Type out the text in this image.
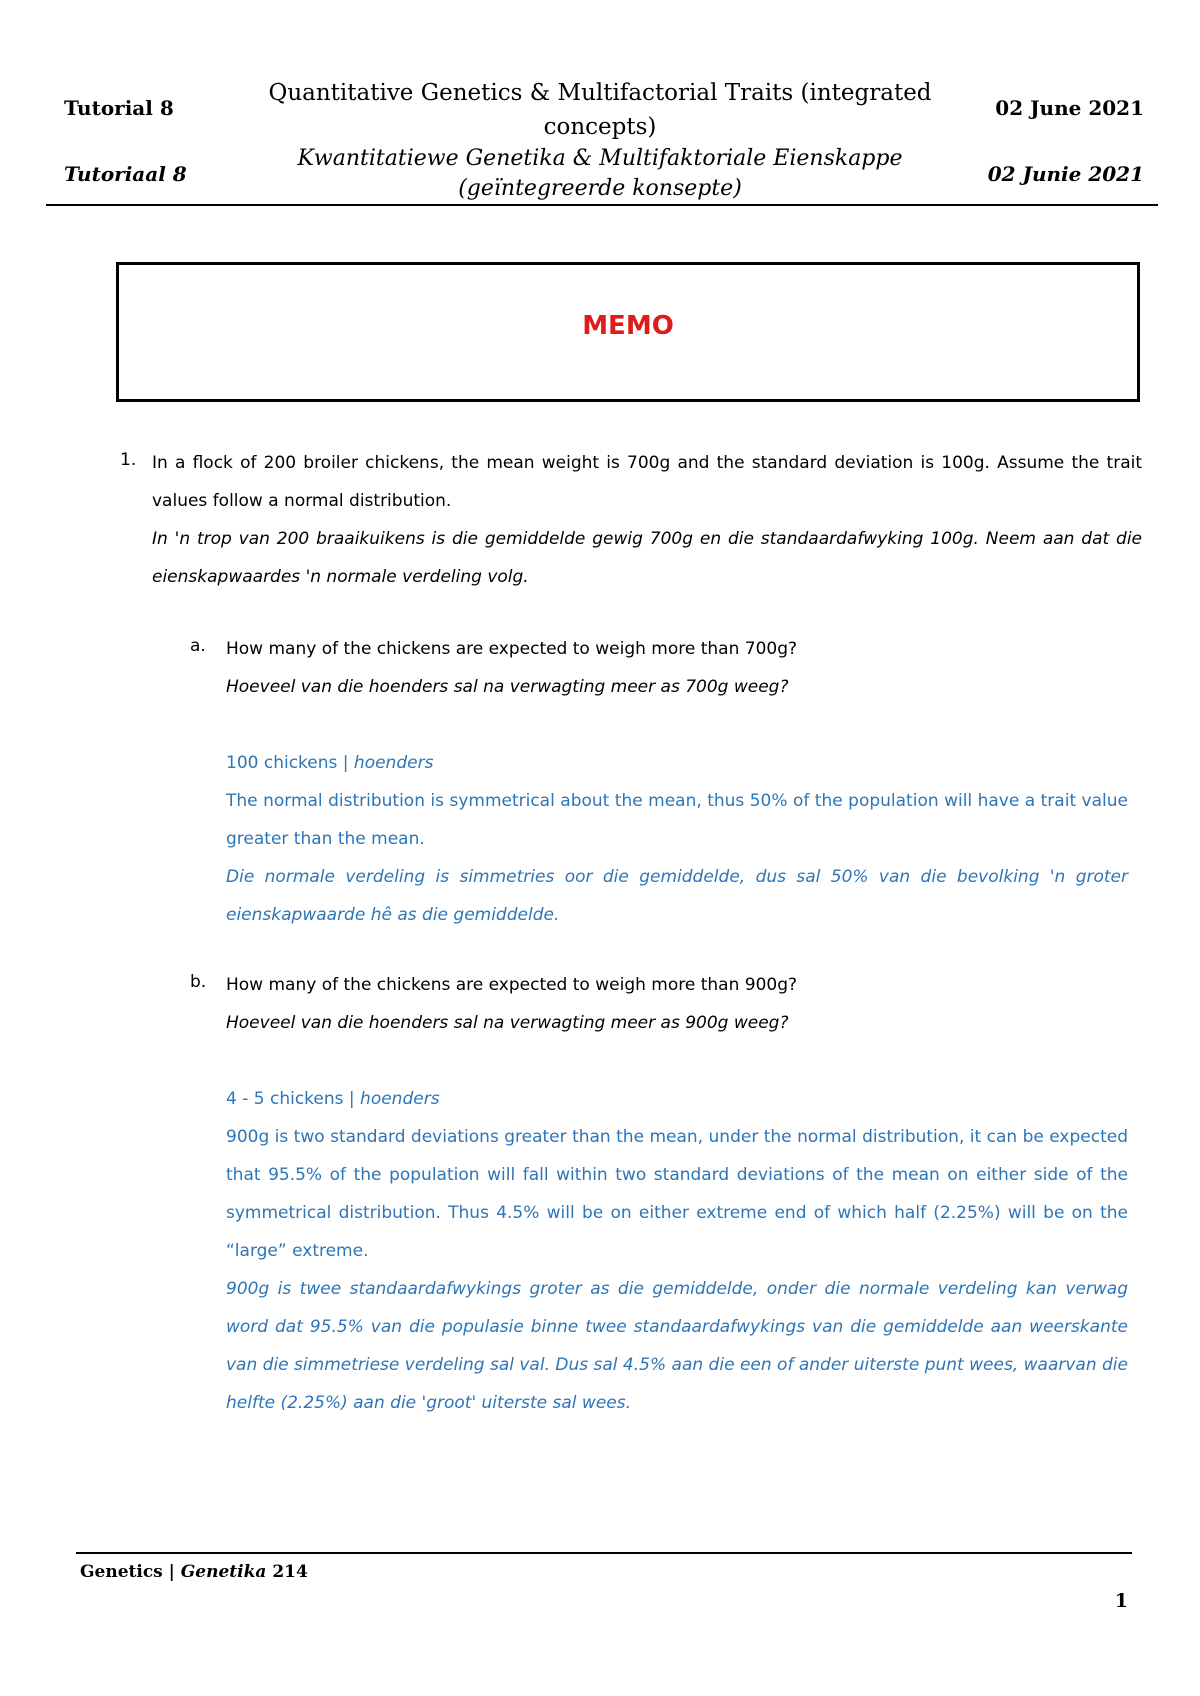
Tutorial 8
Tutoriaal 8
Quantitative Genetics & Multifactorial Traits (integrated concepts)
Kwantitatiewe Genetika & Multifaktoriale Eienskappe (geïntegreerde konsepte)
02 June 2021
02 Junie 2021
MEMO
1. In a flock of 200 broiler chickens, the mean weight is 700g and the standard deviation is 100g. Assume the trait values follow a normal distribution.
In 'n trop van 200 braaikuikens is die gemiddelde gewig 700g en die standaardafwyking 100g. Neem aan dat die eienskapwaardes 'n normale verdeling volg.
a. How many of the chickens are expected to weigh more than 700g?
Hoeveel van die hoenders sal na verwagting meer as 700g weeg?
100 chickens | hoenders
The normal distribution is symmetrical about the mean, thus 50% of the population will have a trait value greater than the mean.
Die normale verdeling is simmetries oor die gemiddelde, dus sal 50% van die bevolking 'n groter eienskapwaarde hê as die gemiddelde.
b. How many of the chickens are expected to weigh more than 900g?
Hoeveel van die hoenders sal na verwagting meer as 900g weeg?
4 - 5 chickens | hoenders
900g is two standard deviations greater than the mean, under the normal distribution, it can be expected that 95.5% of the population will fall within two standard deviations of the mean on either side of the symmetrical distribution. Thus 4.5% will be on either extreme end of which half (2.25%) will be on the “large” extreme.
900g is twee standaardafwykings groter as die gemiddelde, onder die normale verdeling kan verwag word dat 95.5% van die populasie binne twee standaardafwykings van die gemiddelde aan weerskante van die simmetriese verdeling sal val. Dus sal 4.5% aan die een of ander uiterste punt wees, waarvan die helfte (2.25%) aan die 'groot' uiterste sal wees.
Genetics | Genetika 214
1
